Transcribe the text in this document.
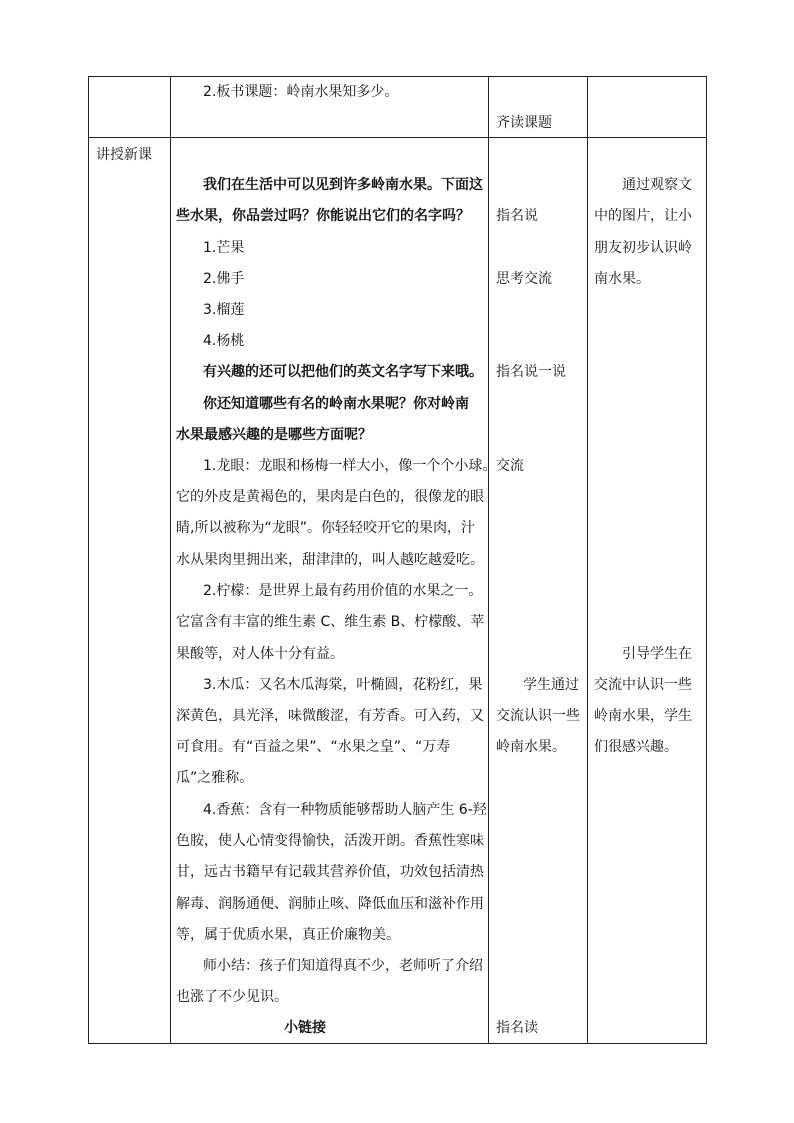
2.板书课题：岭南水果知多少。
齐读课题
讲授新课
我们在生活中可以见到许多岭南水果。下面这
些水果，你品尝过吗？你能说出它们的名字吗？
1.芒果
2.佛手
3.榴莲
4.杨桃
有兴趣的还可以把他们的英文名字写下来哦。
你还知道哪些有名的岭南水果呢？你对岭南
水果最感兴趣的是哪些方面呢？
1.龙眼：龙眼和杨梅一样大小，像一个个小球。
它的外皮是黄褐色的，果肉是白色的，很像龙的眼
睛,所以被称为“龙眼”。你轻轻咬开它的果肉，汁
水从果肉里拥出来，甜津津的，叫人越吃越爱吃。
2.柠檬：是世界上最有药用价值的水果之一。
它富含有丰富的维生素 C、维生素 B、柠檬酸、苹
果酸等，对人体十分有益。
3.木瓜：又名木瓜海棠，叶椭圆，花粉红，果
深黄色，具光泽，味微酸涩，有芳香。可入药，又
可食用。有“百益之果”、“水果之皇”、“万寿
瓜”之雅称。
4.香蕉：含有一种物质能够帮助人脑产生 6-羟
色胺，使人心情变得愉快，活泼开朗。香蕉性寒味
甘，远古书籍早有记载其营养价值，功效包括清热
解毒、润肠通便、润肺止咳、降低血压和滋补作用
等，属于优质水果，真正价廉物美。
师小结：孩子们知道得真不少，老师听了介绍
也涨了不少见识。
小链接
指名说
思考交流
指名说一说
交流
学生通过
交流认识一些
岭南水果。
指名读
通过观察文
中的图片，让小
朋友初步认识岭
南水果。
引导学生在
交流中认识一些
岭南水果，学生
们很感兴趣。
